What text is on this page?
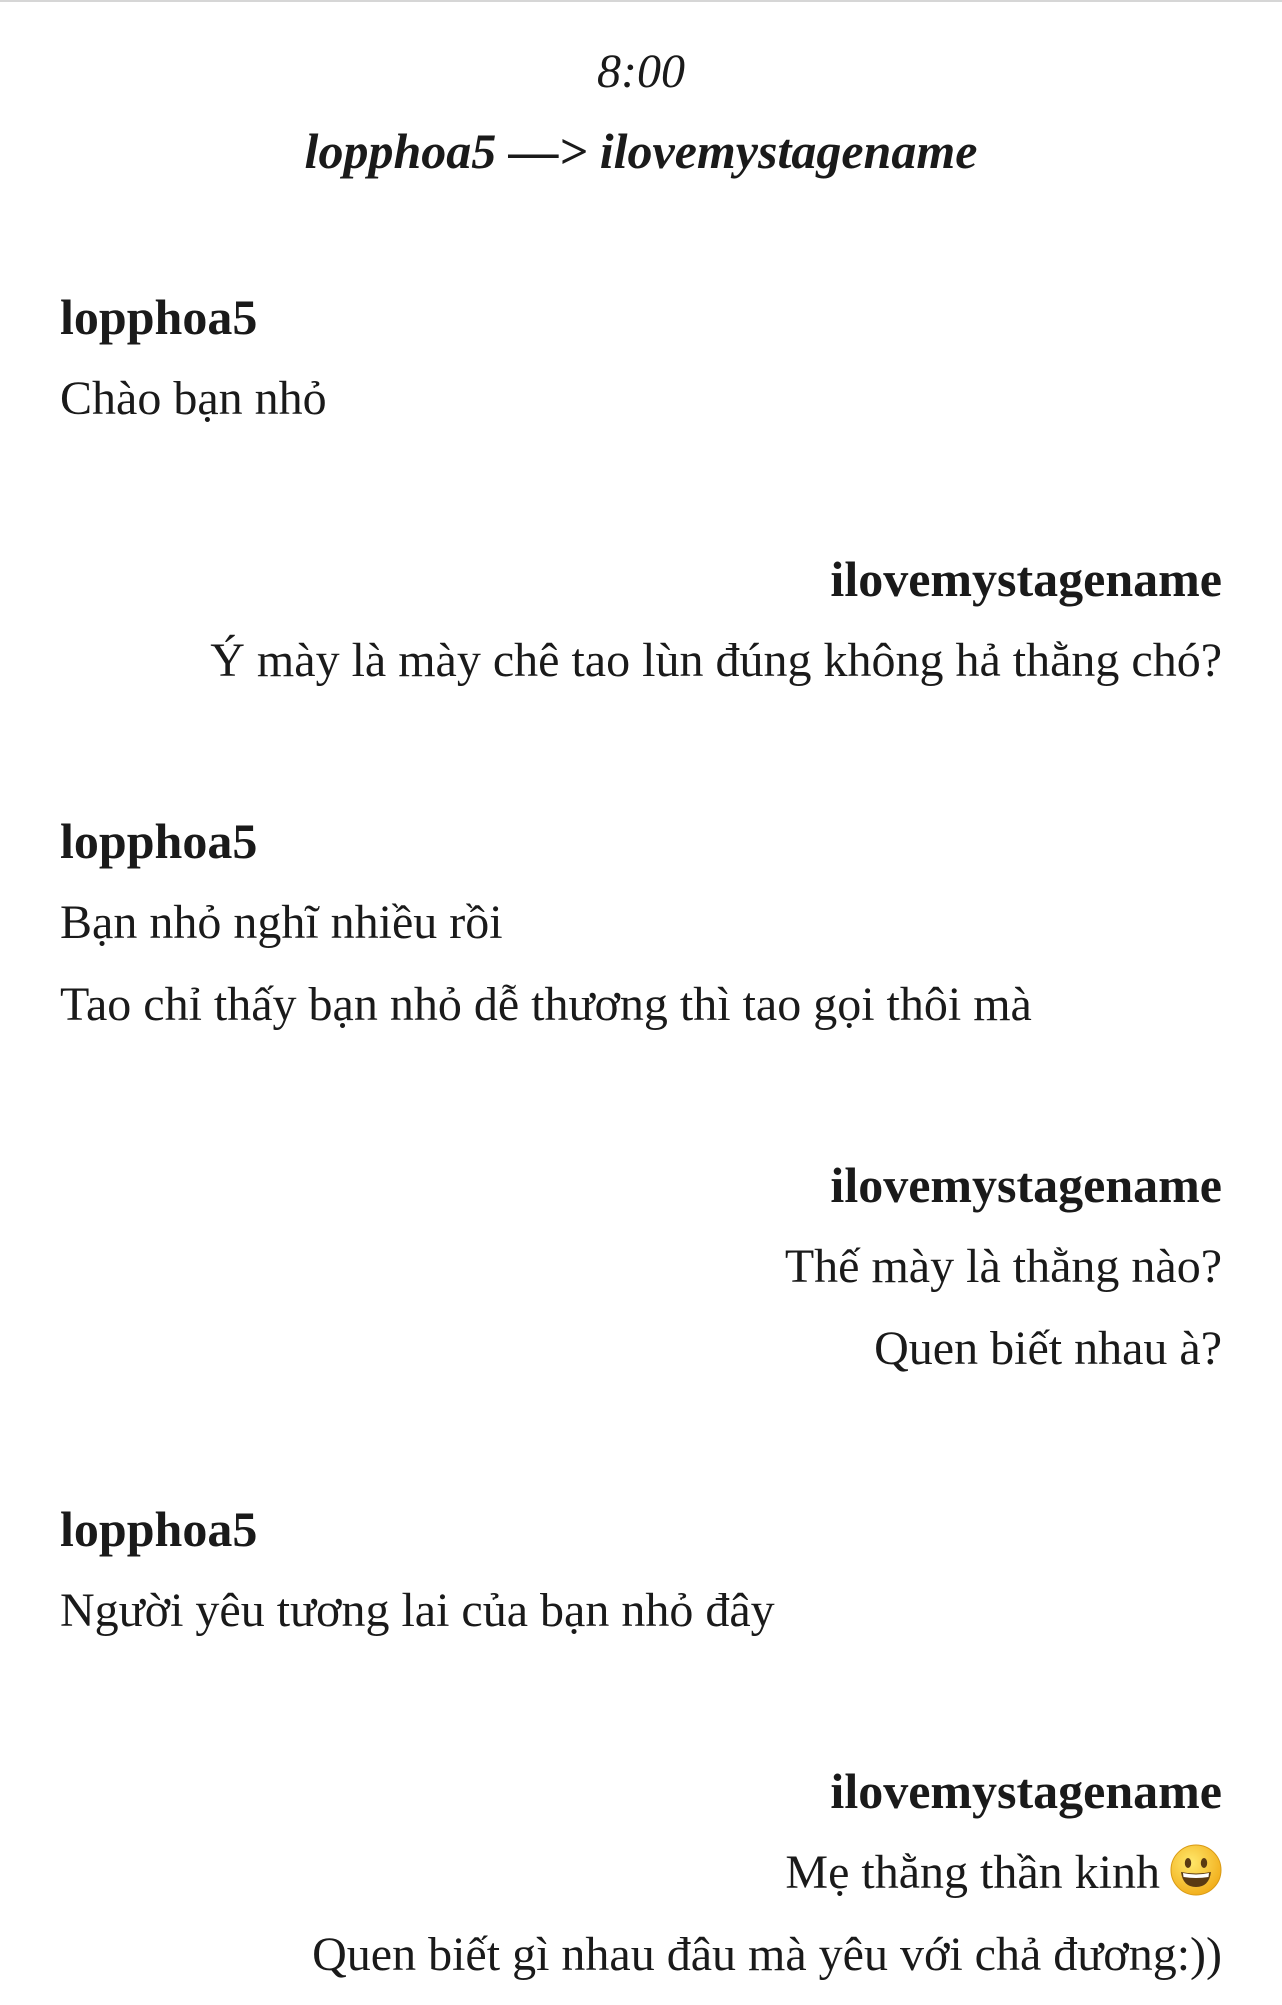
8:00
lopphoa5 —> ilovemystagename
lopphoa5
Chào bạn nhỏ
ilovemystagename
Ý mày là mày chê tao lùn đúng không hả thằng chó?
lopphoa5
Bạn nhỏ nghĩ nhiều rồi
Tao chỉ thấy bạn nhỏ dễ thương thì tao gọi thôi mà
ilovemystagename
Thế mày là thằng nào?
Quen biết nhau à?
lopphoa5
Người yêu tương lai của bạn nhỏ đây
ilovemystagename
Mẹ thằng thần kinh
Quen biết gì nhau đâu mà yêu với chả đương:))
